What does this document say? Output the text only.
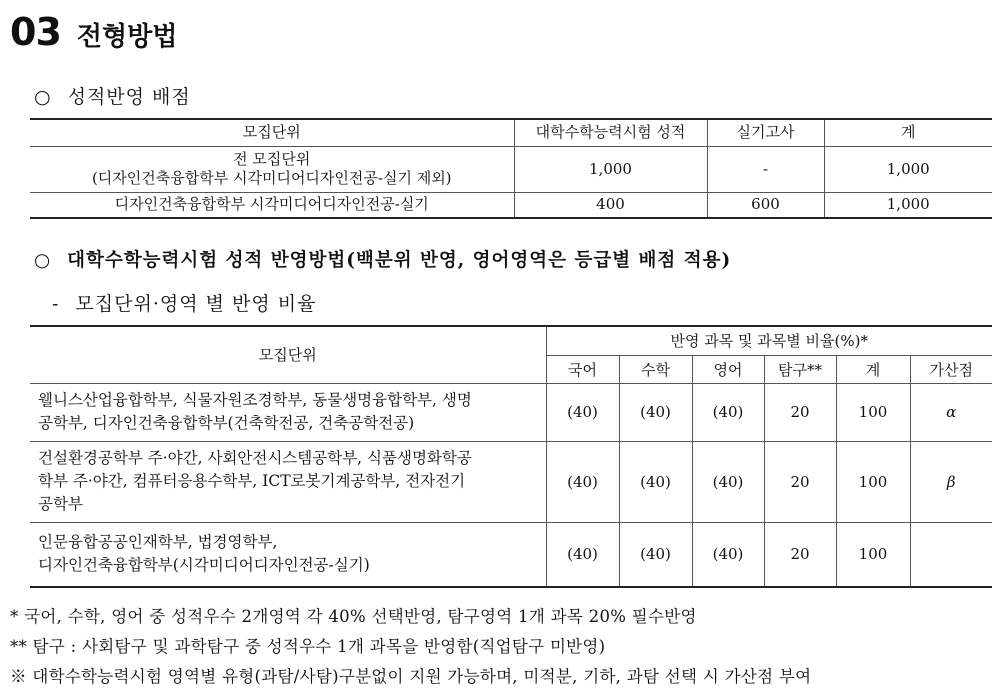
03 전형방법
○ 성적반영 배점
모집단위	대학수학능력시험 성적	실기고사	계

전 모집단위
(디자인건축융합학부 시각미디어디자인전공-실기 제외)	1,000	-	1,000
디자인건축융합학부 시각미디어디자인전공-실기	400	600	1,000
○ 대학수학능력시험 성적 반영방법(백분위 반영, 영어영역은 등급별 배점 적용)
- 모집단위·영역 별 반영 비율
모집단위	반영 과목 및 과목별 비율(%)*					
	국어	수학	영어	탐구**	계	가산점

웰니스산업융합학부, 식물자원조경학부, 동물생명융합학부, 생명
공학부, 디자인건축융합학부(건축학전공, 건축공학전공)	(40)	(40)	(40)	20	100	α

건설환경공학부 주·야간, 사회안전시스템공학부, 식품생명화학공
학부 주·야간, 컴퓨터응용수학부, ICT로봇기계공학부, 전자전기
공학부	(40)	(40)	(40)	20	100	β

인문융합공공인재학부, 법경영학부,
디자인건축융합학부(시각미디어디자인전공-실기)	(40)	(40)	(40)	20	100	
* 국어, 수학, 영어 중 성적우수 2개영역 각 40% 선택반영, 탐구영역 1개 과목 20% 필수반영
** 탐구 : 사회탐구 및 과학탐구 중 성적우수 1개 과목을 반영함(직업탐구 미반영)
※ 대학수학능력시험 영역별 유형(과탐/사탐)구분없이 지원 가능하며, 미적분, 기하, 과탐 선택 시 가산점 부여
